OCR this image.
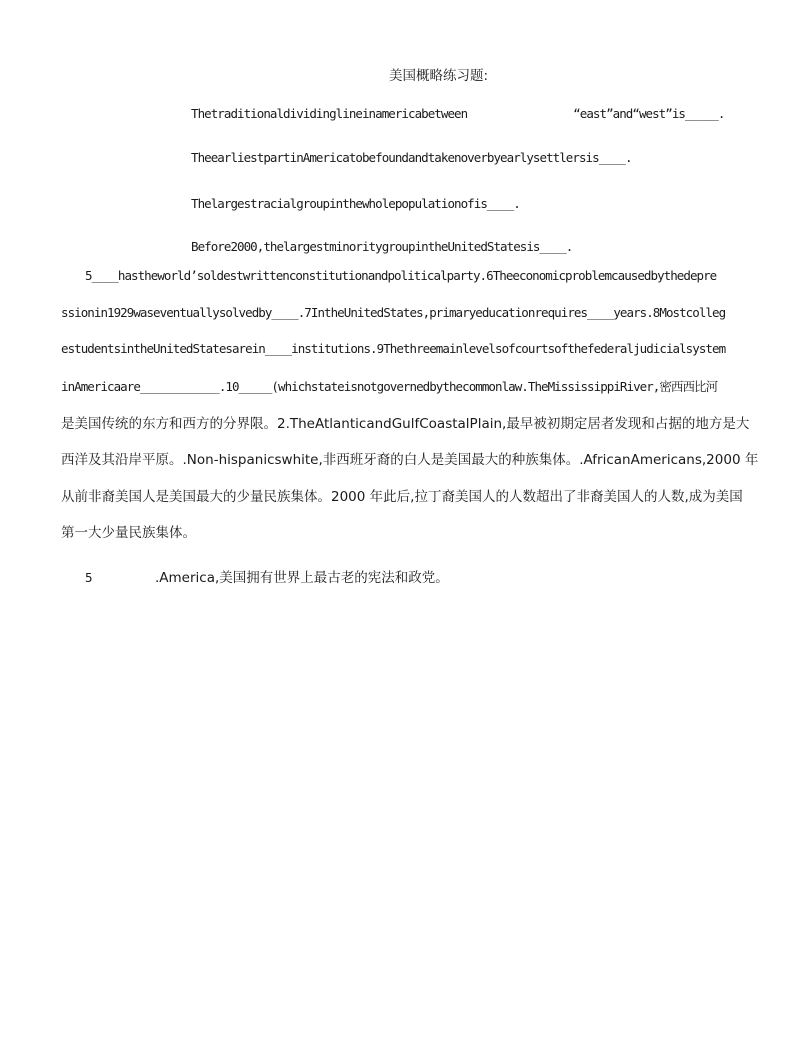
美国概略练习题:
Thetraditionaldividinglineinamericabetween	“east”and“west”is_____.
TheearliestpartinAmericatobefoundandtakenoverbyearlysettlersis____.
Thelargestracialgroupinthewholepopulationofis____.
Before2000,thelargestminoritygroupintheUnitedStatesis____.
5____hastheworld’soldestwrittenconstitutionandpoliticalparty.6Theeconomicproblemcausedbythedepre
ssionin1929waseventuallysolvedby____.7IntheUnitedStates,primaryeducationrequires____years.8Mostcolleg
estudentsintheUnitedStatesarein____institutions.9Thethreemainlevelsofcourtsofthefederaljudicialsystem
inAmericaare____________.10_____(whichstateisnotgovernedbythecommonlaw.TheMississippiRiver,密西西比河
是美国传统的东方和西方的分界限。2.TheAtlanticandGulfCoastalPlain,最早被初期定居者发现和占据的地方是大
西洋及其沿岸平原。.Non-hispanicswhite,非西班牙裔的白人是美国最大的种族集体。.AfricanAmericans,2000 年
从前非裔美国人是美国最大的少量民族集体。2000 年此后,拉丁裔美国人的人数超出了非裔美国人的人数,成为美国
第一大少量民族集体。
5	.America,美国拥有世界上最古老的宪法和政党。
